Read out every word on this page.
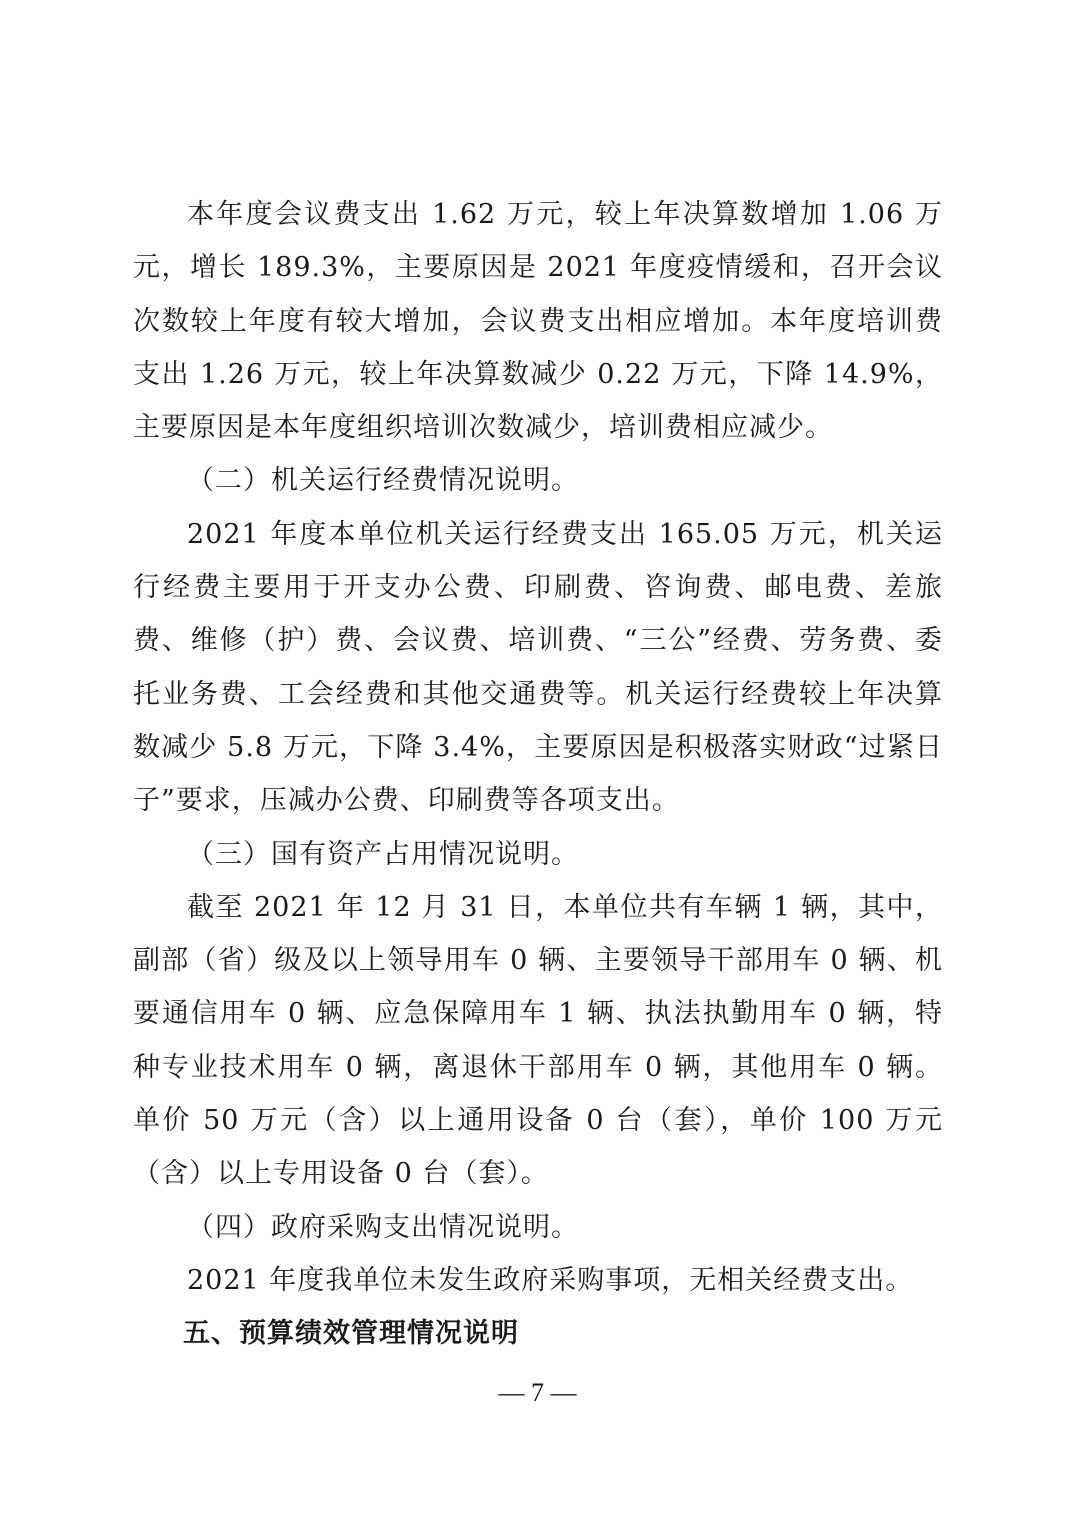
本年度会议费支出 1.62 万元，较上年决算数增加 1.06 万元，增长 189.3%，主要原因是 2021 年度疫情缓和，召开会议次数较上年度有较大增加，会议费支出相应增加。本年度培训费支出 1.26 万元，较上年决算数减少 0.22 万元，下降 14.9%，主要原因是本年度组织培训次数减少，培训费相应减少。

（二）机关运行经费情况说明。

2021 年度本单位机关运行经费支出 165.05 万元，机关运行经费主要用于开支办公费、印刷费、咨询费、邮电费、差旅费、维修（护）费、会议费、培训费、“三公”经费、劳务费、委托业务费、工会经费和其他交通费等。机关运行经费较上年决算数减少 5.8 万元，下降 3.4%，主要原因是积极落实财政“过紧日子”要求，压减办公费、印刷费等各项支出。

（三）国有资产占用情况说明。

截至 2021 年 12 月 31 日，本单位共有车辆 1 辆，其中，副部（省）级及以上领导用车 0 辆、主要领导干部用车 0 辆、机要通信用车 0 辆、应急保障用车 1 辆、执法执勤用车 0 辆，特种专业技术用车 0 辆，离退休干部用车 0 辆，其他用车 0 辆。单价 50 万元（含）以上通用设备 0 台（套），单价 100 万元（含）以上专用设备 0 台（套）。

（四）政府采购支出情况说明。

2021 年度我单位未发生政府采购事项，无相关经费支出。

五、预算绩效管理情况说明

— 7 —
